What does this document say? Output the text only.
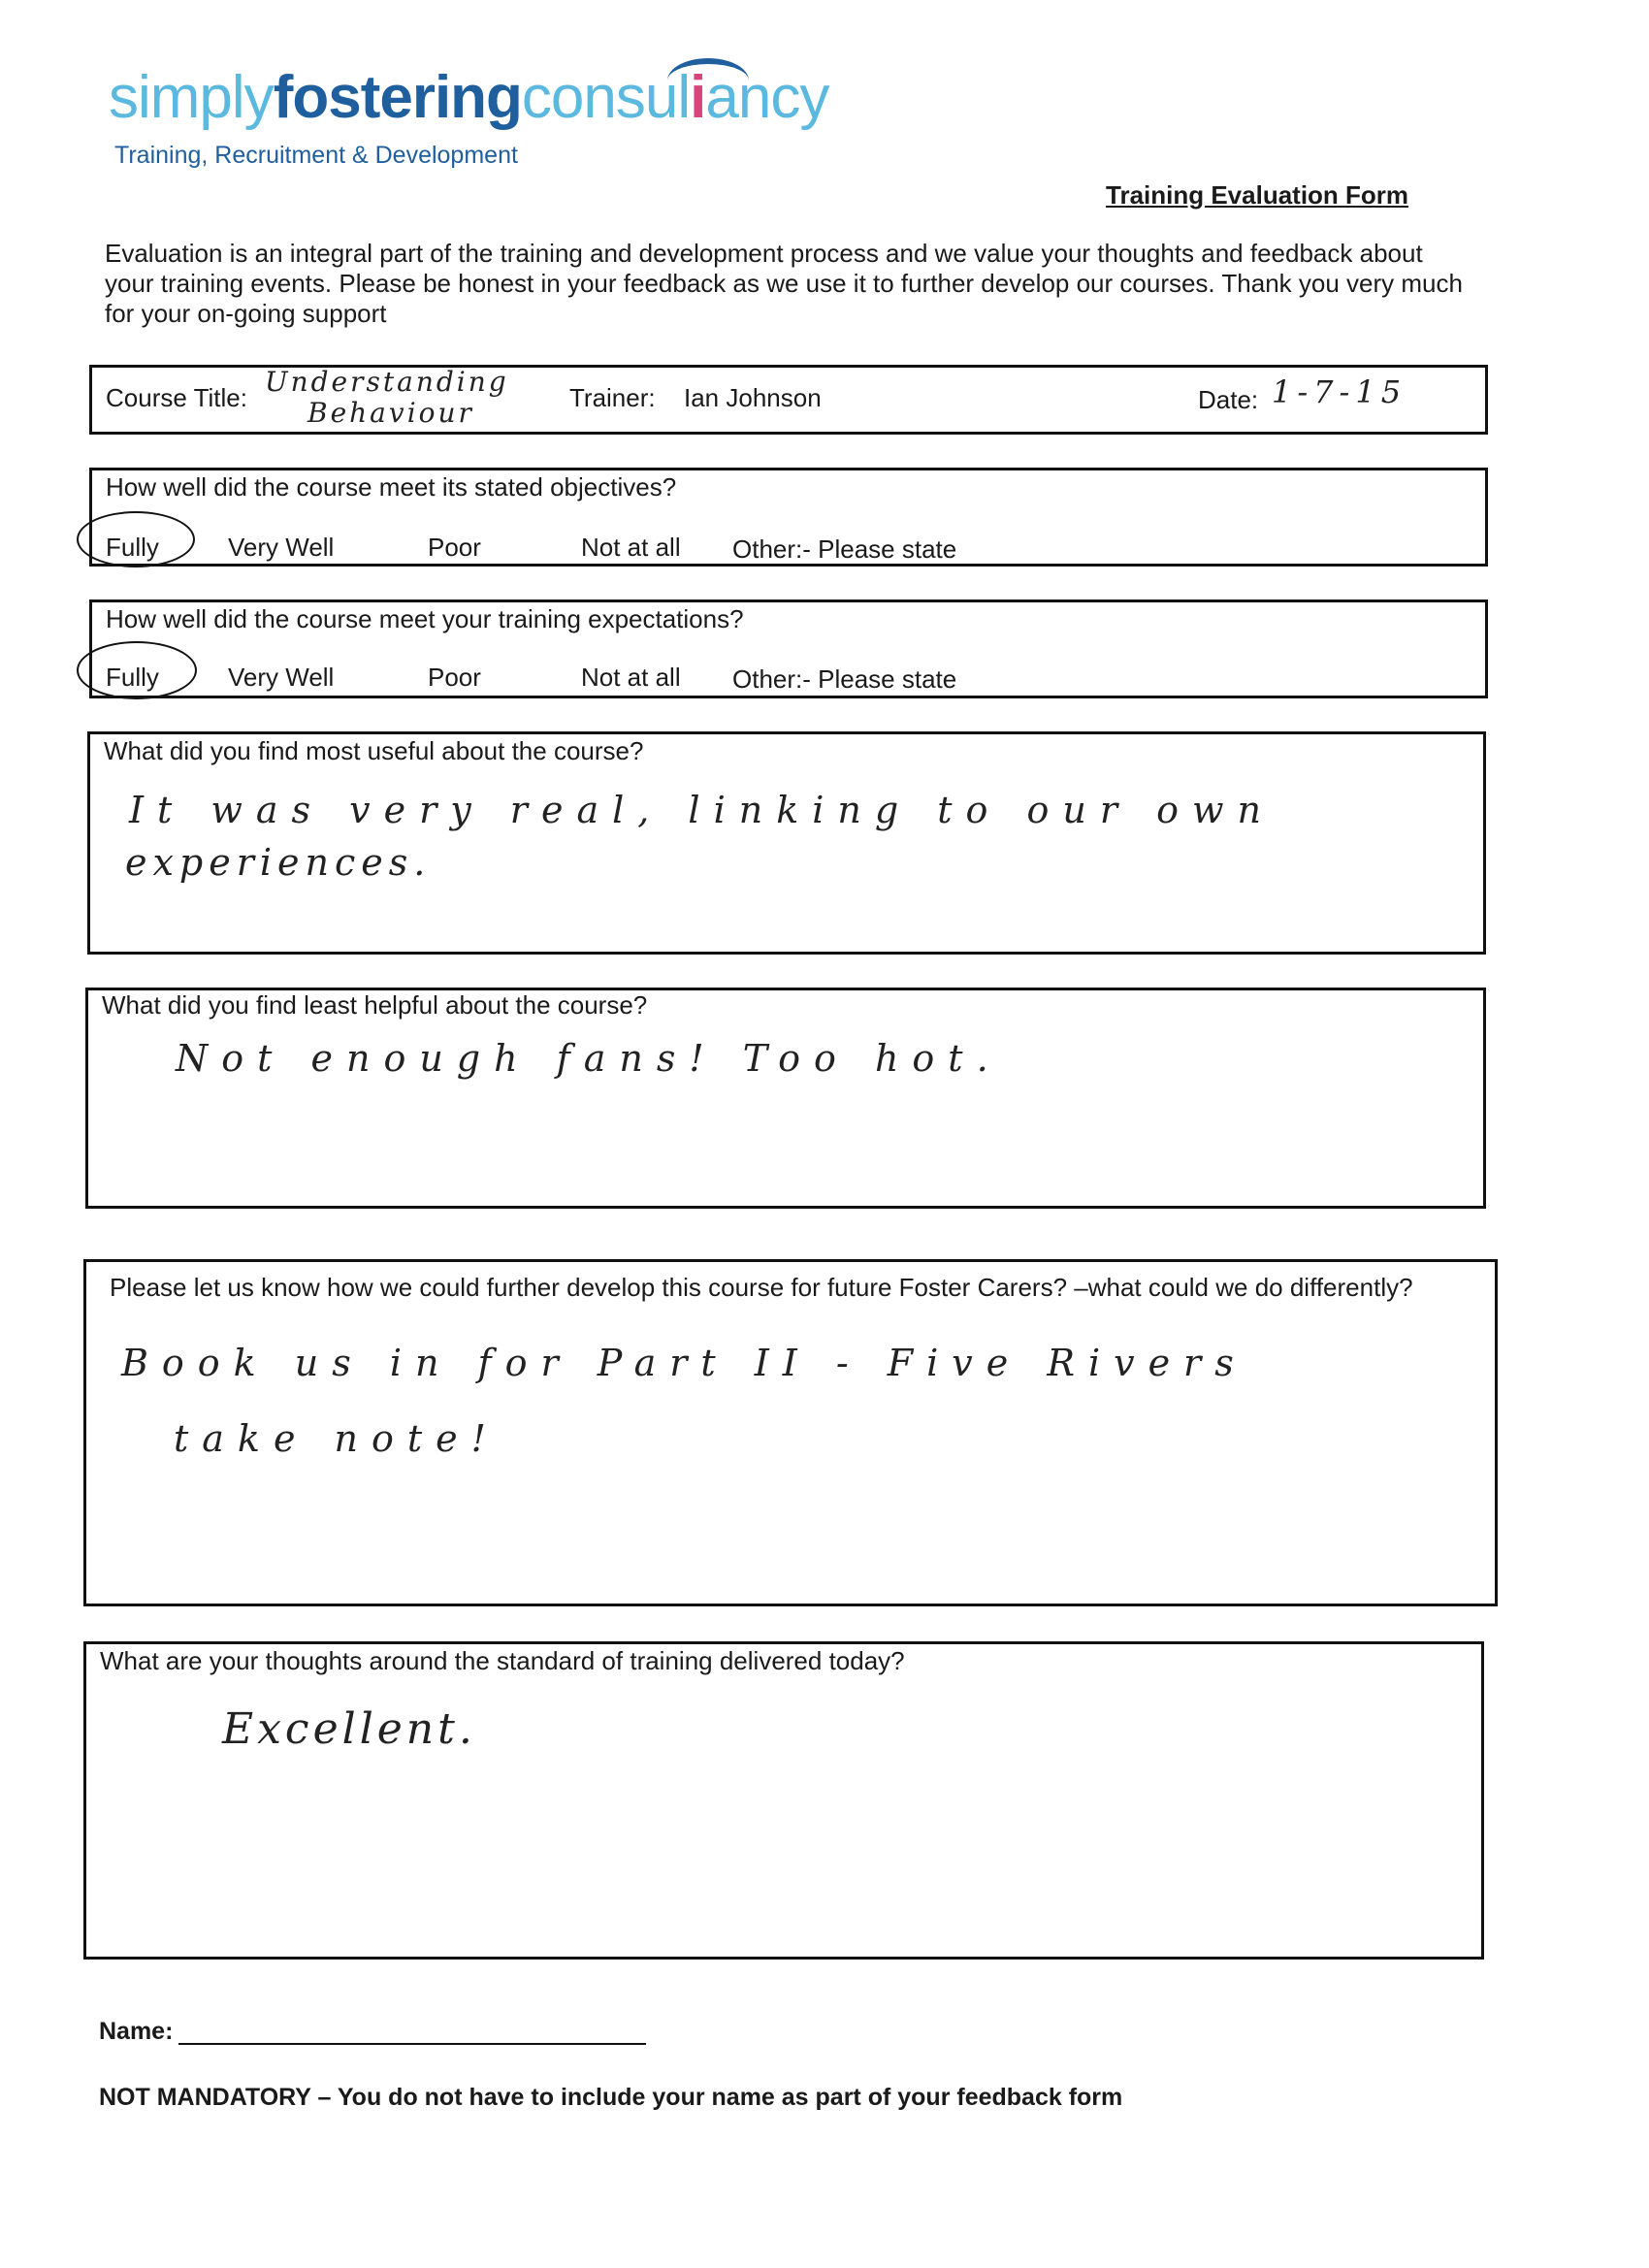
simplyfosteringconsuliancy
Training, Recruitment & Development
Training Evaluation Form
Evaluation is an integral part of the training and development process and we value your thoughts and feedback about your training events. Please be honest in your feedback as we use it to further develop our courses. Thank you very much for your on-going support
Course Title: Understanding
Behaviour	Trainer: Ian Johnson	Date: 1-7-15
How well did the course meet its stated objectives?
Fully	Very Well	Poor	Not at all Other:- Please state
How well did the course meet your training expectations?
Fully	Very Well	Poor	Not at all Other:- Please state
What did you find most useful about the course?
It was very real, linking to our own
experiences.
What did you find least helpful about the course?
Not enough fans! Too hot.
Please let us know how we could further develop this course for future Foster Carers? –what could we do differently?
Book us in for Part II - Five Rivers
take note!
What are your thoughts around the standard of training delivered today?
Excellent.
Name:
NOT MANDATORY – You do not have to include your name as part of your feedback form
